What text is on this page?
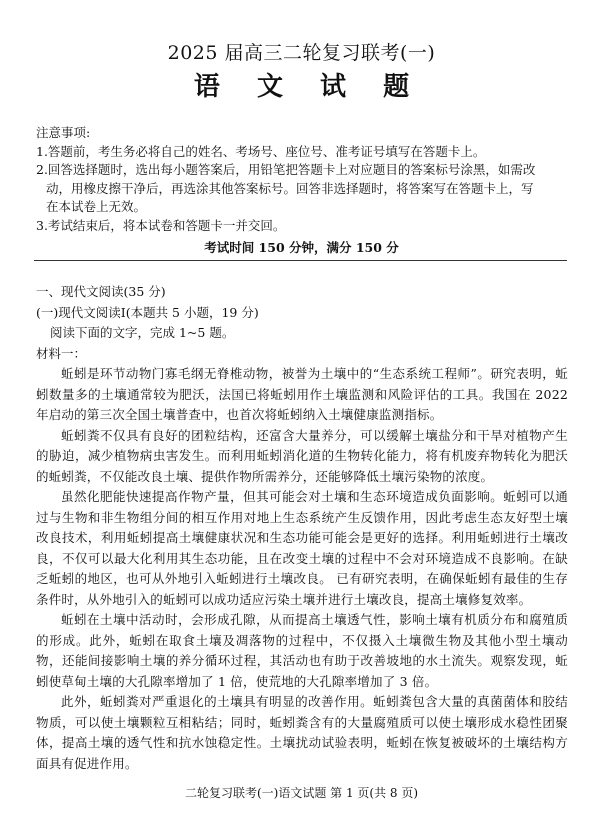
2025 届高三二轮复习联考(一)
语 文 试 题

注意事项:

1.答题前，考生务必将自己的姓名、考场号、座位号、准考证号填写在答题卡上。

2.回答选择题时，选出每小题答案后，用铅笔把答题卡上对应题目的答案标号涂黑，如需改

动，用橡皮擦干净后，再选涂其他答案标号。回答非选择题时，将答案写在答题卡上，写

在本试卷上无效。

3.考试结束后，将本试卷和答题卡一并交回。

考试时间 150 分钟，满分 150 分

一、现代文阅读(35 分)

(一)现代文阅读Ⅰ(本题共 5 小题，19 分)

阅读下面的文字，完成 1~5 题。

材料一：

蚯蚓是环节动物门寡毛纲无脊椎动物，被誉为土壤中的“生态系统工程师”。研究表明，蚯蚓数量多的土壤通常较为肥沃，法国已将蚯蚓用作土壤监测和风险评估的工具。我国在 2022 年启动的第三次全国土壤普查中，也首次将蚯蚓纳入土壤健康监测指标。

蚯蚓粪不仅具有良好的团粒结构，还富含大量养分，可以缓解土壤盐分和干旱对植物产生的胁迫，减少植物病虫害发生。而利用蚯蚓消化道的生物转化能力，将有机废弃物转化为肥沃的蚯蚓粪，不仅能改良土壤、提供作物所需养分，还能够降低土壤污染物的浓度。

虽然化肥能快速提高作物产量，但其可能会对土壤和生态环境造成负面影响。蚯蚓可以通过与生物和非生物组分间的相互作用对地上生态系统产生反馈作用，因此考虑生态友好型土壤改良技术，利用蚯蚓提高土壤健康状况和生态功能可能会是更好的选择。利用蚯蚓进行土壤改良，不仅可以最大化利用其生态功能，且在改变土壤的过程中不会对环境造成不良影响。在缺乏蚯蚓的地区，也可从外地引入蚯蚓进行土壤改良。 已有研究表明，在确保蚯蚓有最佳的生存条件时，从外地引入的蚯蚓可以成功适应污染土壤并进行土壤改良，提高土壤修复效率。

蚯蚓在土壤中活动时，会形成孔隙，从而提高土壤透气性，影响土壤有机质分布和腐殖质的形成。此外，蚯蚓在取食土壤及凋落物的过程中，不仅摄入土壤微生物及其他小型土壤动物，还能间接影响土壤的养分循环过程，其活动也有助于改善坡地的水土流失。观察发现，蚯蚓使草甸土壤的大孔隙率增加了 1 倍，使荒地的大孔隙率增加了 3 倍。

此外，蚯蚓粪对严重退化的土壤具有明显的改善作用。蚯蚓粪包含大量的真菌菌体和胶结物质，可以使土壤颗粒互相粘结；同时，蚯蚓粪含有的大量腐殖质可以使土壤形成水稳性团聚体，提高土壤的透气性和抗水蚀稳定性。土壤扰动试验表明，蚯蚓在恢复被破坏的土壤结构方面具有促进作用。

二轮复习联考(一)语文试题 第 1 页(共 8 页)
